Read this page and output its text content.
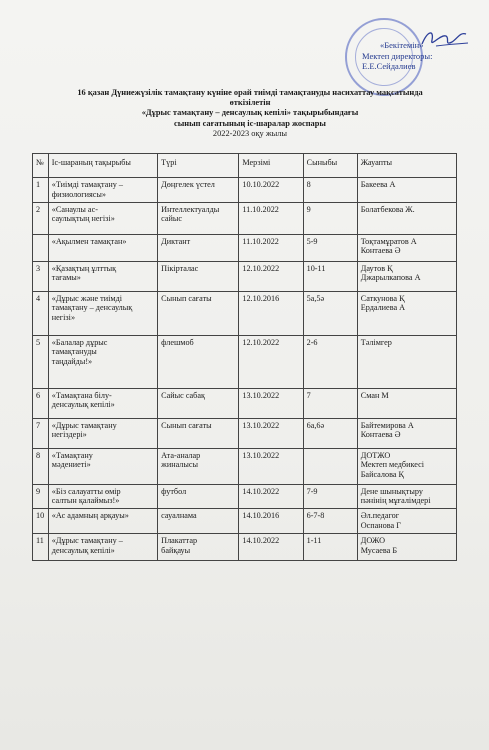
«Бекітемін»
Мектеп директоры:
Е.Е.Сейдалиев
16 қазан Дүниежүзілік тамақтану күніне орай тиімді тамақтануды насихаттау мақсатында
өткізілетін
«Дұрыс тамақтану – денсаулық кепілі» тақырыбындағы
сынып сағатының іс-шаралар жоспары
2022-2023 оқу жылы
№	Іс-шараның тақырыбы	Түрі	Мерзімі	Сыныбы	Жауапты

1	«Тиімді тамақтану –
физиологиясы»	Дөңгелек үстел	10.10.2022	8	Бакеева А

2	«Санаулы ас-
саулықтың негізі»	Интеллектуалды
сайыс	11.10.2022	9	Болатбекова Ж.

	«Ақылмен тамақтан»	Диктант	11.10.2022	5-9	Тоқтамұратов А
Контаева Ә

3	«Қазақтың ұлттық
тағамы»	Пікірталас	12.10.2022	10-11	Даутов Қ
Джарылкапова А

4	«Дұрыс және тиімді
тамақтану – денсаулық
негізі»	Сынып сағаты	12.10.2016	5а,5ә	Саткунова Қ
Ердалиева А

5	«Балалар дұрыс
тамақтануды
таңдайды!»	флешмоб	12.10.2022	2-6	Тәлімгер

6	«Тамақтана білу-
денсаулық кепілі»	Сайыс сабақ	13.10.2022	7	Сман М

7	«Дұрыс тамақтану
негіздері»	Сынып сағаты	13.10.2022	6а,6ә	Байтемирова А
Контаева Ә

8	«Тамақтану
мәдениеті»	Ата-аналар
жиналысы	13.10.2022		ДОТЖО
Мектеп медбикесі
Байсалова Қ

9	«Біз салауатты өмір
салтын қалаймыз!»	футбол	14.10.2022	7-9	Дене шынықтыру
пәнінің мұғалімдері

10	«Ас адамның арқауы»	сауалнама	14.10.2016	6-7-8	Әл.педагог
Оспанова Г

11	«Дұрыс тамақтану –
денсаулық кепілі»	Плакаттар
байқауы	14.10.2022	1-11	ДОЖО
Мусаева Б
